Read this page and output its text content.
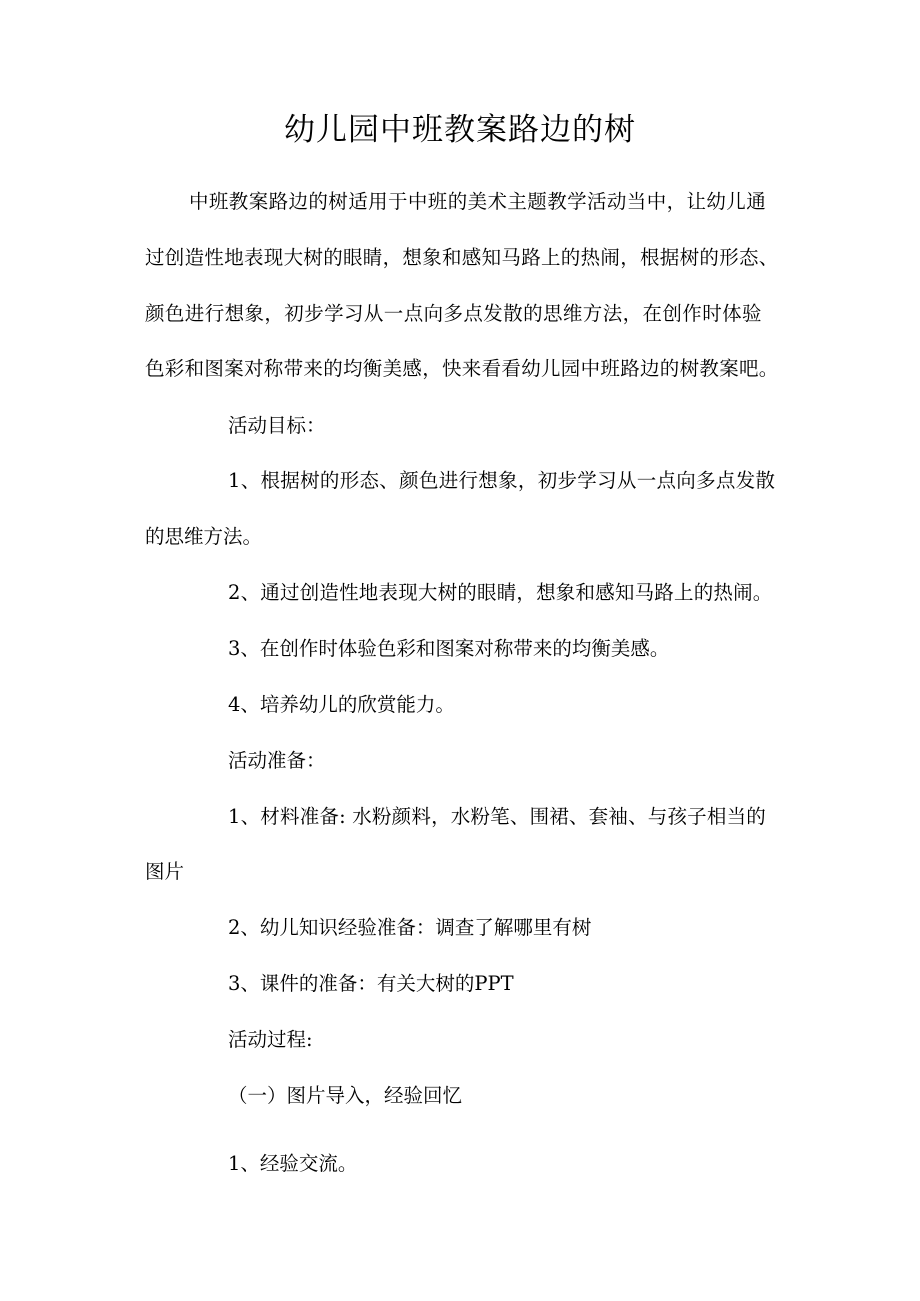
幼儿园中班教案路边的树

中班教案路边的树适用于中班的美术主题教学活动当中，让幼儿通

过创造性地表现大树的眼睛，想象和感知马路上的热闹，根据树的形态、

颜色进行想象，初步学习从一点向多点发散的思维方法，在创作时体验

色彩和图案对称带来的均衡美感，快来看看幼儿园中班路边的树教案吧。

活动目标：

1、根据树的形态、颜色进行想象，初步学习从一点向多点发散

的思维方法。

2、通过创造性地表现大树的眼睛，想象和感知马路上的热闹。

3、在创作时体验色彩和图案对称带来的均衡美感。

4、培养幼儿的欣赏能力。

活动准备：

1、材料准备: 水粉颜料，水粉笔、围裙、套袖、与孩子相当的

图片

2、幼儿知识经验准备：调查了解哪里有树

3、课件的准备：有关大树的PPT

活动过程:

（一）图片导入，经验回忆

1、经验交流。
